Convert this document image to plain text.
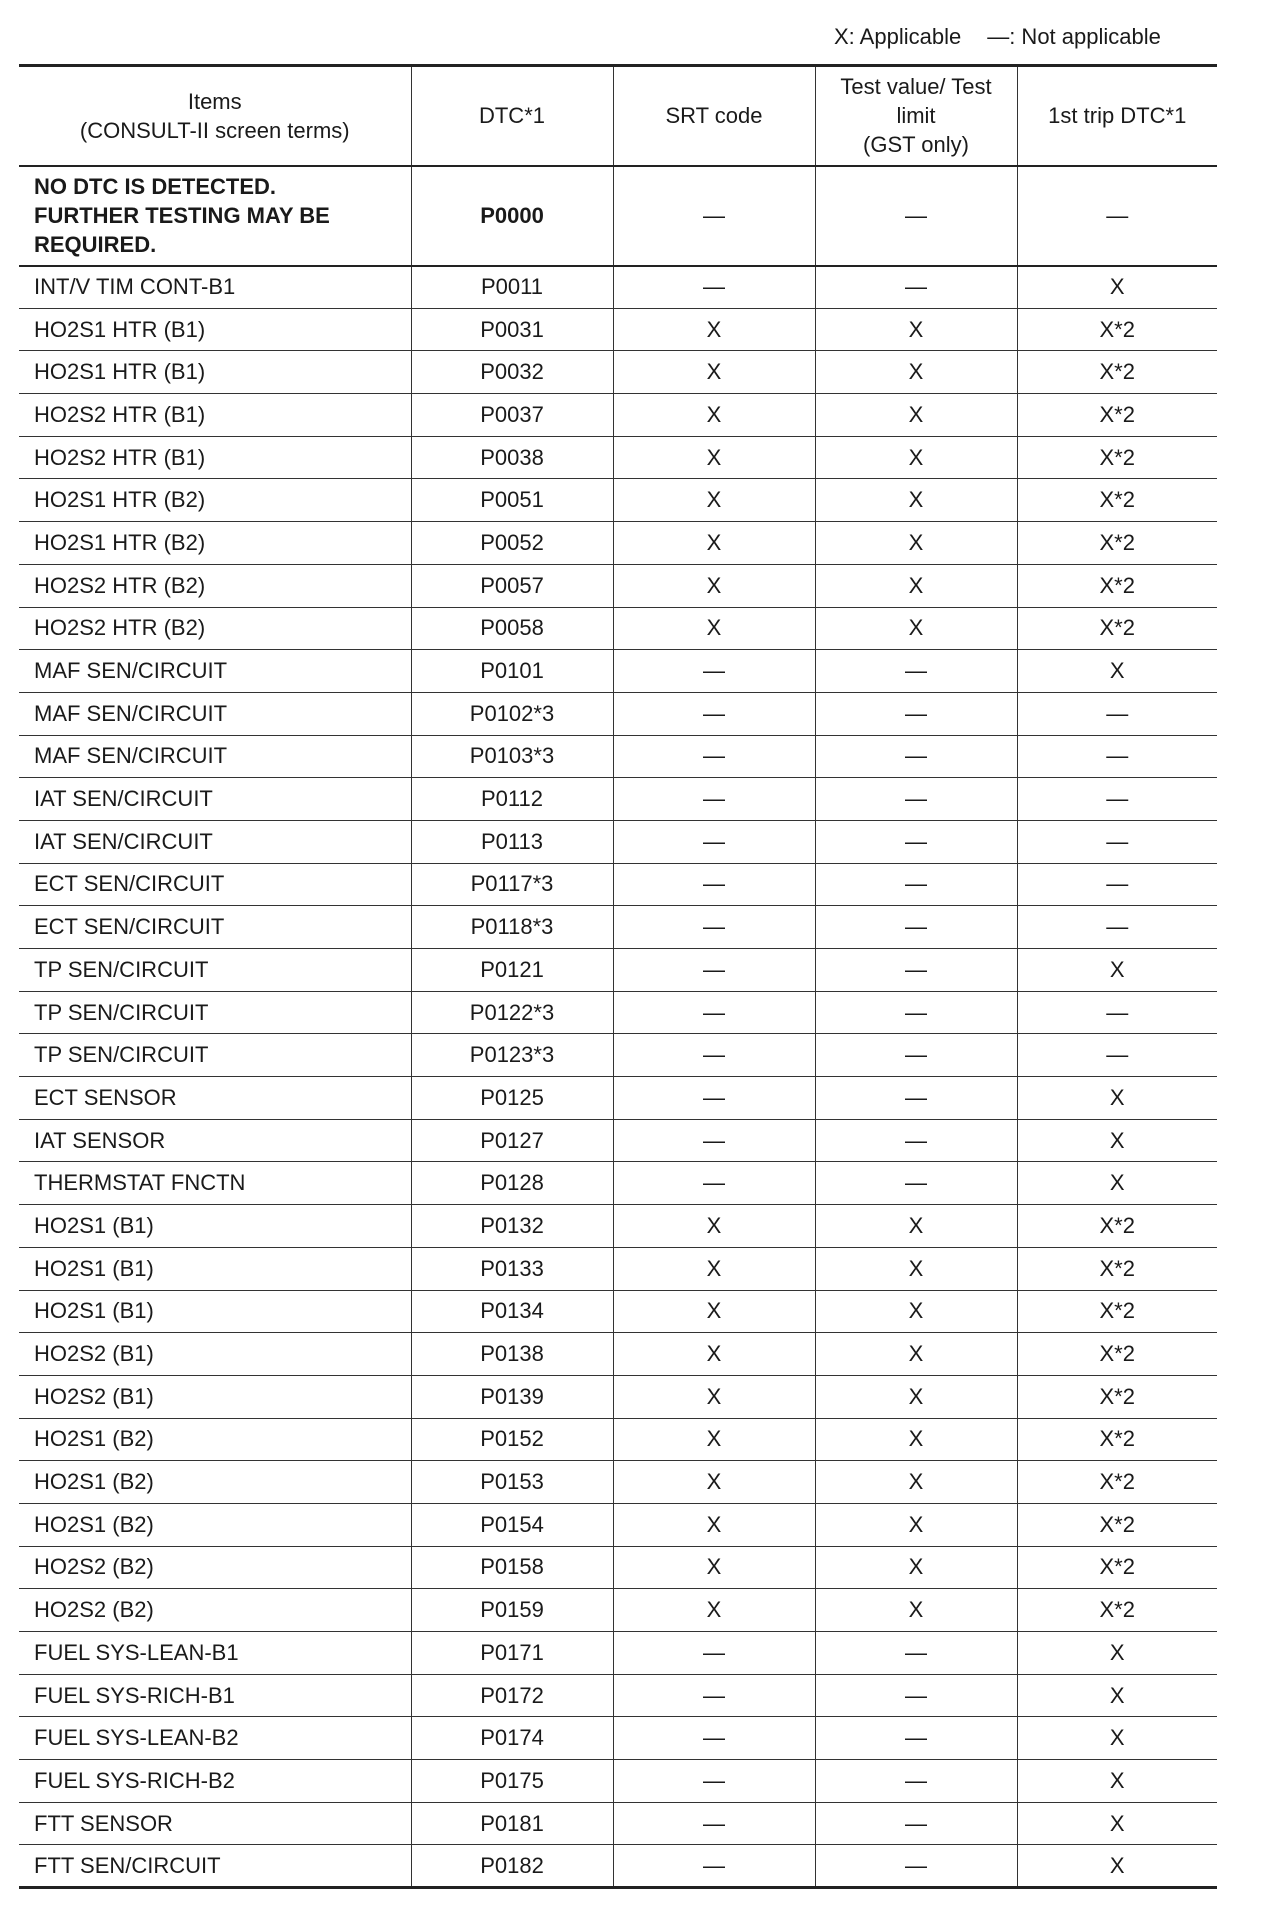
X: Applicable —: Not applicable
Items
(CONSULT-II screen terms)	DTC*1	SRT code	Test value/ Test
limit
(GST only)	1st trip DTC*1
NO DTC IS DETECTED. FURTHER TESTING MAY BE REQUIRED.	P0000	—	—	—
INT/V TIM CONT-B1	P0011	—	—	X
HO2S1 HTR (B1)	P0031	X	X	X*2
HO2S1 HTR (B1)	P0032	X	X	X*2
HO2S2 HTR (B1)	P0037	X	X	X*2
HO2S2 HTR (B1)	P0038	X	X	X*2
HO2S1 HTR (B2)	P0051	X	X	X*2
HO2S1 HTR (B2)	P0052	X	X	X*2
HO2S2 HTR (B2)	P0057	X	X	X*2
HO2S2 HTR (B2)	P0058	X	X	X*2
MAF SEN/CIRCUIT	P0101	—	—	X
MAF SEN/CIRCUIT	P0102*3	—	—	—
MAF SEN/CIRCUIT	P0103*3	—	—	—
IAT SEN/CIRCUIT	P0112	—	—	—
IAT SEN/CIRCUIT	P0113	—	—	—
ECT SEN/CIRCUIT	P0117*3	—	—	—
ECT SEN/CIRCUIT	P0118*3	—	—	—
TP SEN/CIRCUIT	P0121	—	—	X
TP SEN/CIRCUIT	P0122*3	—	—	—
TP SEN/CIRCUIT	P0123*3	—	—	—
ECT SENSOR	P0125	—	—	X
IAT SENSOR	P0127	—	—	X
THERMSTAT FNCTN	P0128	—	—	X
HO2S1 (B1)	P0132	X	X	X*2
HO2S1 (B1)	P0133	X	X	X*2
HO2S1 (B1)	P0134	X	X	X*2
HO2S2 (B1)	P0138	X	X	X*2
HO2S2 (B1)	P0139	X	X	X*2
HO2S1 (B2)	P0152	X	X	X*2
HO2S1 (B2)	P0153	X	X	X*2
HO2S1 (B2)	P0154	X	X	X*2
HO2S2 (B2)	P0158	X	X	X*2
HO2S2 (B2)	P0159	X	X	X*2
FUEL SYS-LEAN-B1	P0171	—	—	X
FUEL SYS-RICH-B1	P0172	—	—	X
FUEL SYS-LEAN-B2	P0174	—	—	X
FUEL SYS-RICH-B2	P0175	—	—	X
FTT SENSOR	P0181	—	—	X
FTT SEN/CIRCUIT	P0182	—	—	X
